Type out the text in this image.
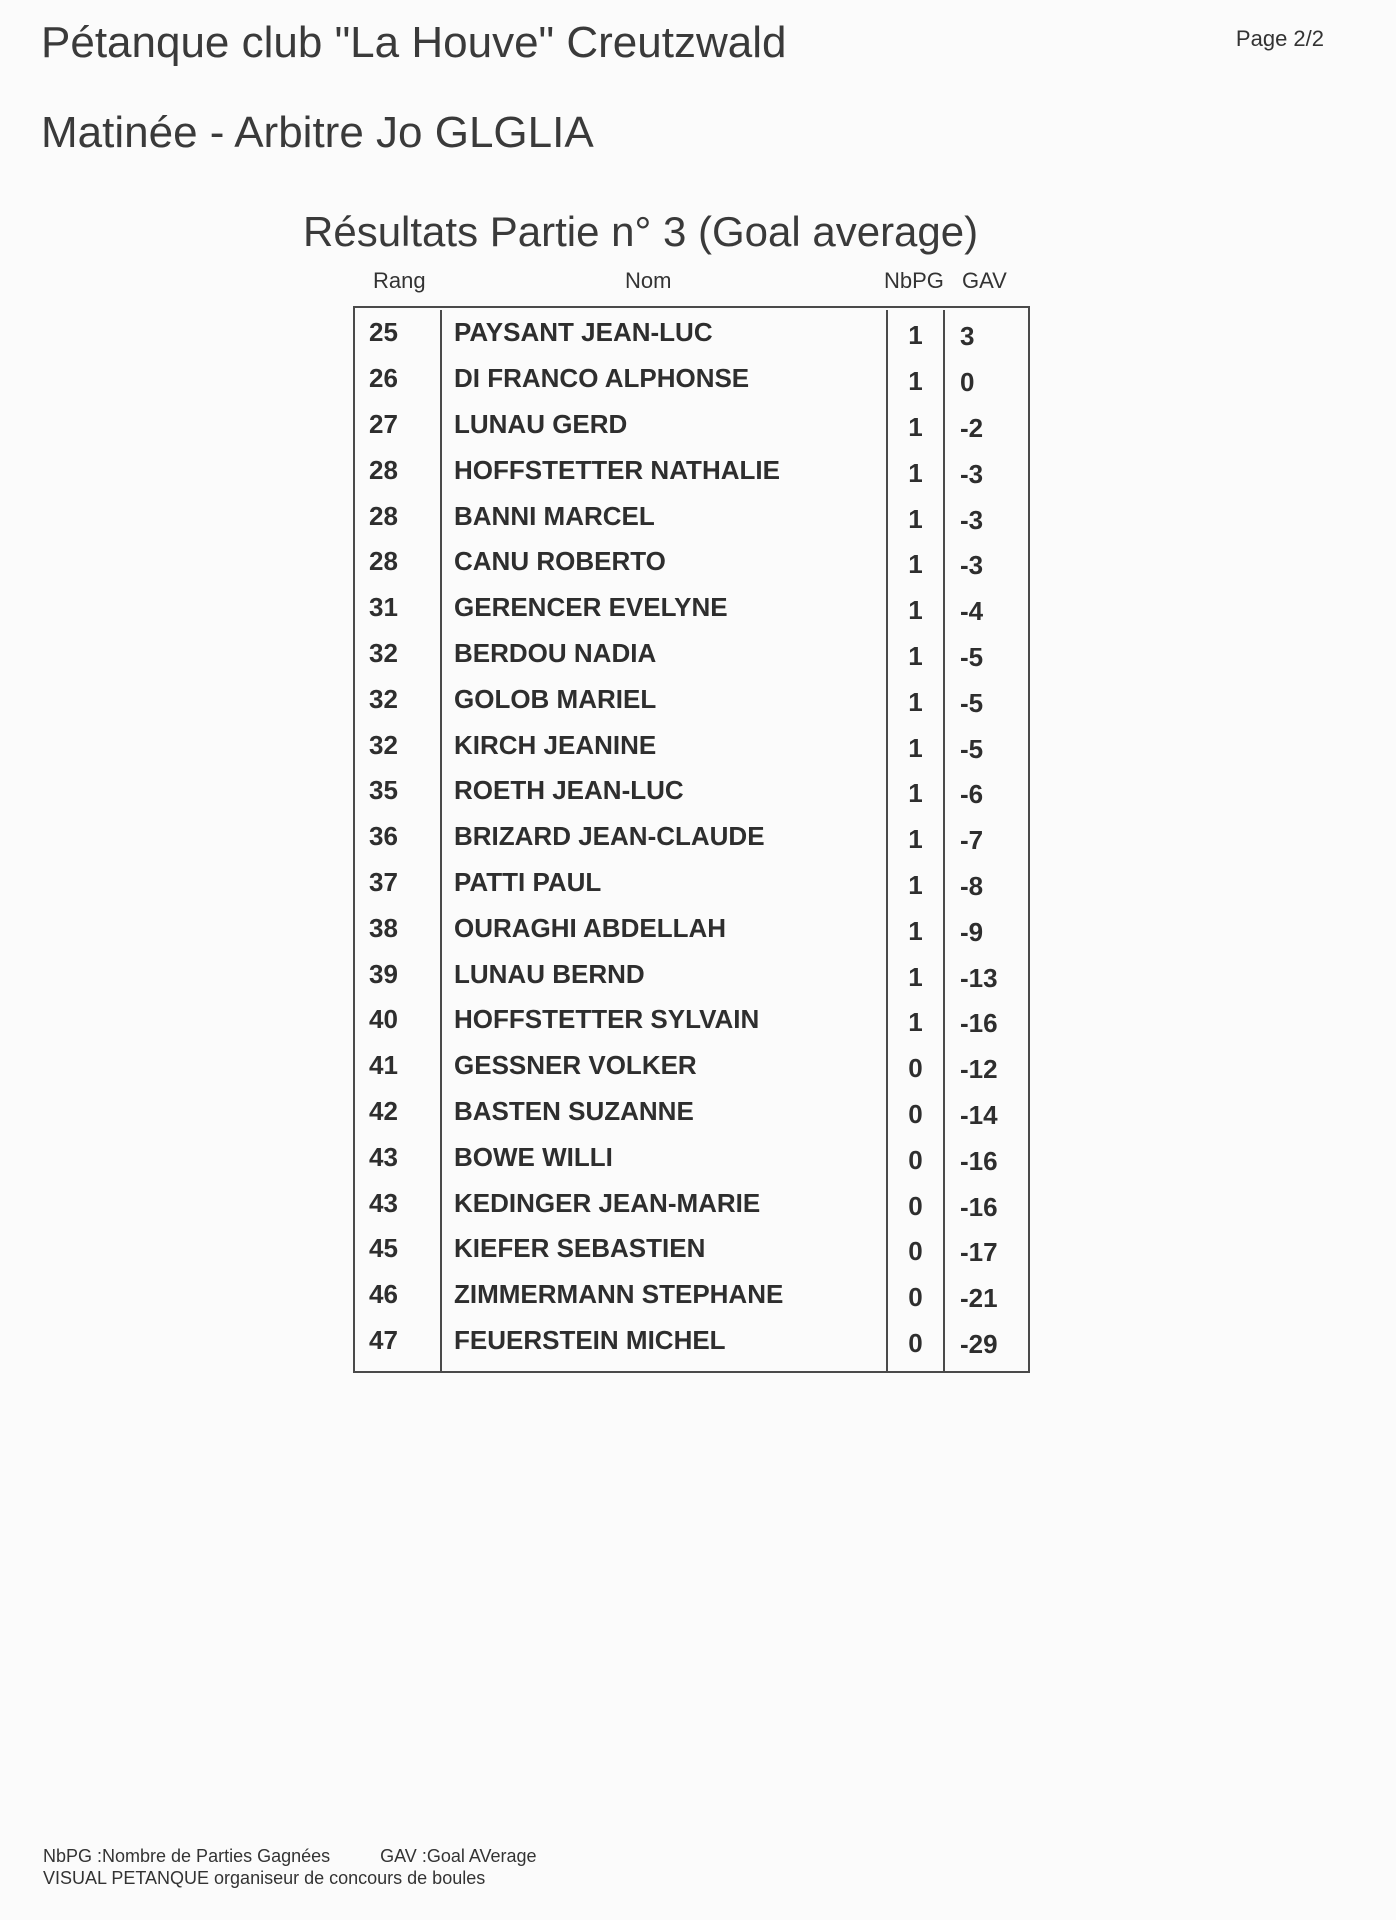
Pétanque club "La Houve" Creutzwald	Page 2/2
Matinée - Arbitre Jo GLGLIA
Résultats Partie n° 3 (Goal average)
Rang	Nom	NbPG GAV
25	PAYSANT JEAN-LUC	1	3
26	DI FRANCO ALPHONSE	1	0
27	LUNAU GERD	1	-2
28	HOFFSTETTER NATHALIE	1	-3
28	BANNI MARCEL	1	-3
28	CANU ROBERTO	1	-3
31	GERENCER EVELYNE	1	-4
32	BERDOU NADIA	1	-5
32	GOLOB MARIEL	1	-5
32	KIRCH JEANINE	1	-5
35	ROETH JEAN-LUC	1	-6
36	BRIZARD JEAN-CLAUDE	1	-7
37	PATTI PAUL	1	-8
38	OURAGHI ABDELLAH	1	-9
39	LUNAU BERND	1	-13
40	HOFFSTETTER SYLVAIN	1	-16
41	GESSNER VOLKER	0	-12
42	BASTEN SUZANNE	0	-14
43	BOWE WILLI	0	-16
43	KEDINGER JEAN-MARIE	0	-16
45	KIEFER SEBASTIEN	0	-17
46	ZIMMERMANN STEPHANE	0	-21
47	FEUERSTEIN MICHEL	0	-29
NbPG :Nombre de Parties Gagnées	GAV :Goal AVerage
VISUAL PETANQUE organiseur de concours de boules
